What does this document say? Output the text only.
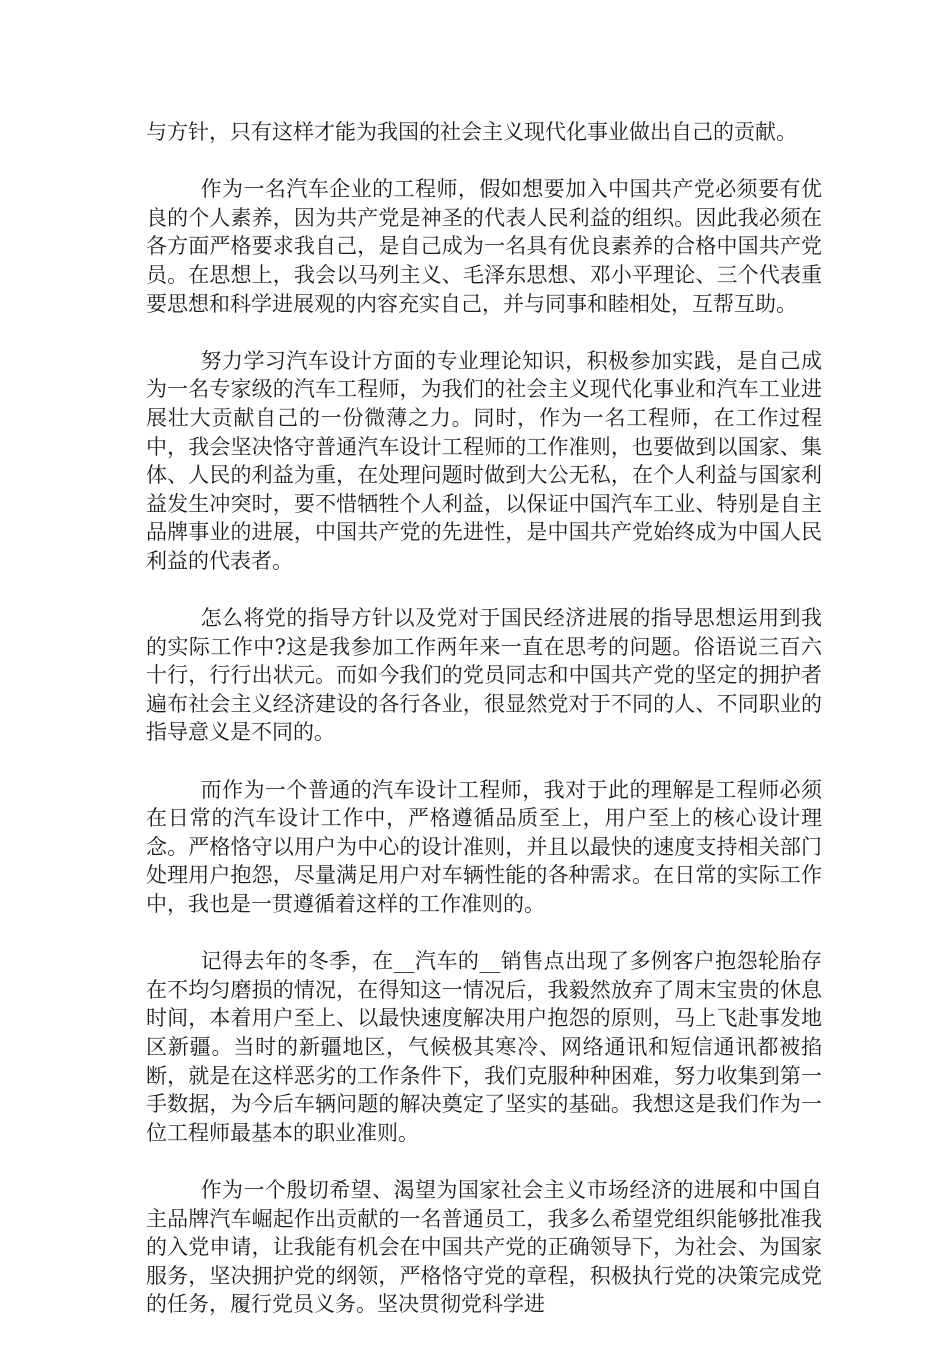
与方针，只有这样才能为我国的社会主义现代化事业做出自己的贡献。

作为一名汽车企业的工程师，假如想要加入中国共产党必须要有优良的个人素养，因为共产党是神圣的代表人民利益的组织。因此我必须在各方面严格要求我自己，是自己成为一名具有优良素养的合格中国共产党员。在思想上，我会以马列主义、毛泽东思想、邓小平理论、三个代表重要思想和科学进展观的内容充实自己，并与同事和睦相处，互帮互助。

努力学习汽车设计方面的专业理论知识，积极参加实践，是自己成为一名专家级的汽车工程师，为我们的社会主义现代化事业和汽车工业进展壮大贡献自己的一份微薄之力。同时，作为一名工程师，在工作过程中，我会坚决恪守普通汽车设计工程师的工作准则，也要做到以国家、集体、人民的利益为重，在处理问题时做到大公无私，在个人利益与国家利益发生冲突时，要不惜牺牲个人利益，以保证中国汽车工业、特别是自主品牌事业的进展，中国共产党的先进性，是中国共产党始终成为中国人民利益的代表者。

怎么将党的指导方针以及党对于国民经济进展的指导思想运用到我的实际工作中?这是我参加工作两年来一直在思考的问题。俗语说三百六十行，行行出状元。而如今我们的党员同志和中国共产党的坚定的拥护者遍布社会主义经济建设的各行各业，很显然党对于不同的人、不同职业的指导意义是不同的。

而作为一个普通的汽车设计工程师，我对于此的理解是工程师必须在日常的汽车设计工作中，严格遵循品质至上，用户至上的核心设计理念。严格恪守以用户为中心的设计准则，并且以最快的速度支持相关部门处理用户抱怨，尽量满足用户对车辆性能的各种需求。在日常的实际工作中，我也是一贯遵循着这样的工作准则的。

记得去年的冬季，在__汽车的__销售点出现了多例客户抱怨轮胎存在不均匀磨损的情况，在得知这一情况后，我毅然放弃了周末宝贵的休息时间，本着用户至上、以最快速度解决用户抱怨的原则，马上飞赴事发地区新疆。当时的新疆地区，气候极其寒冷、网络通讯和短信通讯都被掐断，就是在这样恶劣的工作条件下，我们克服种种困难，努力收集到第一手数据，为今后车辆问题的解决奠定了坚实的基础。我想这是我们作为一位工程师最基本的职业准则。

作为一个殷切希望、渴望为国家社会主义市场经济的进展和中国自主品牌汽车崛起作出贡献的一名普通员工，我多么希望党组织能够批准我的入党申请，让我能有机会在中国共产党的正确领导下，为社会、为国家服务，坚决拥护党的纲领，严格恪守党的章程，积极执行党的决策完成党的任务，履行党员义务。坚决贯彻党科学进
